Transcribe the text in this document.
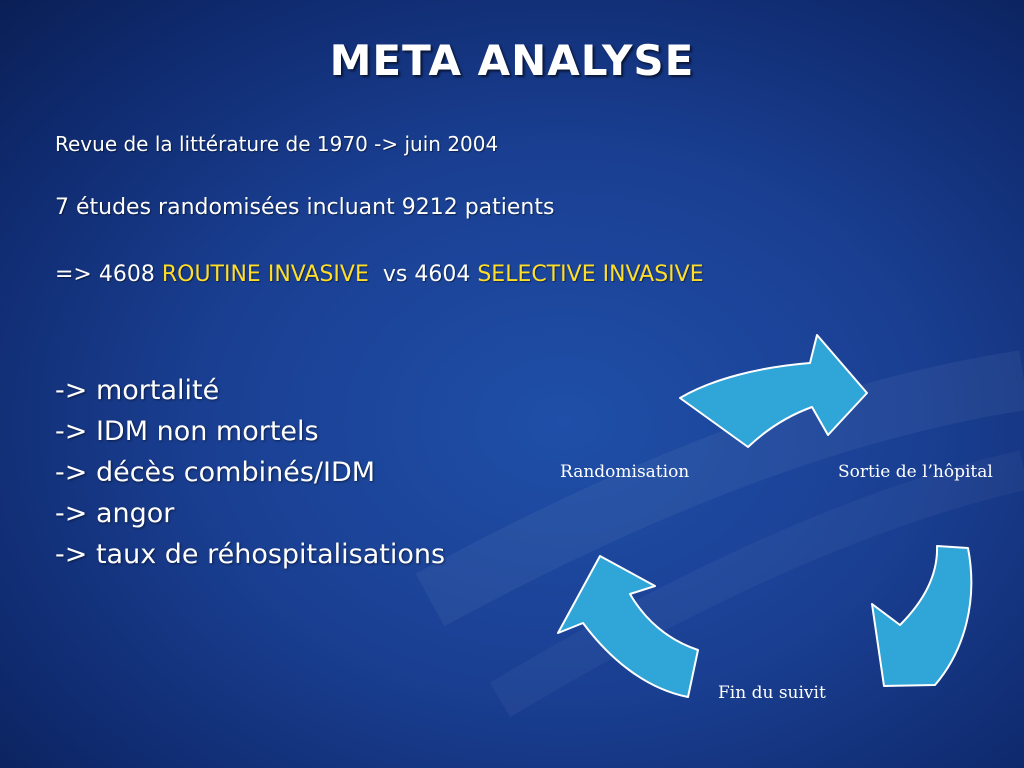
META ANALYSE
Revue de la littérature de 1970 -> juin 2004
7 études randomisées incluant 9212 patients
=> 4608 ROUTINE INVASIVE  vs 4604 SELECTIVE INVASIVE
-> mortalité
-> IDM non mortels
-> décès combinés/IDM
-> angor
-> taux de réhospitalisations
Randomisation	Sortie de l’hôpital
Fin du suivit
